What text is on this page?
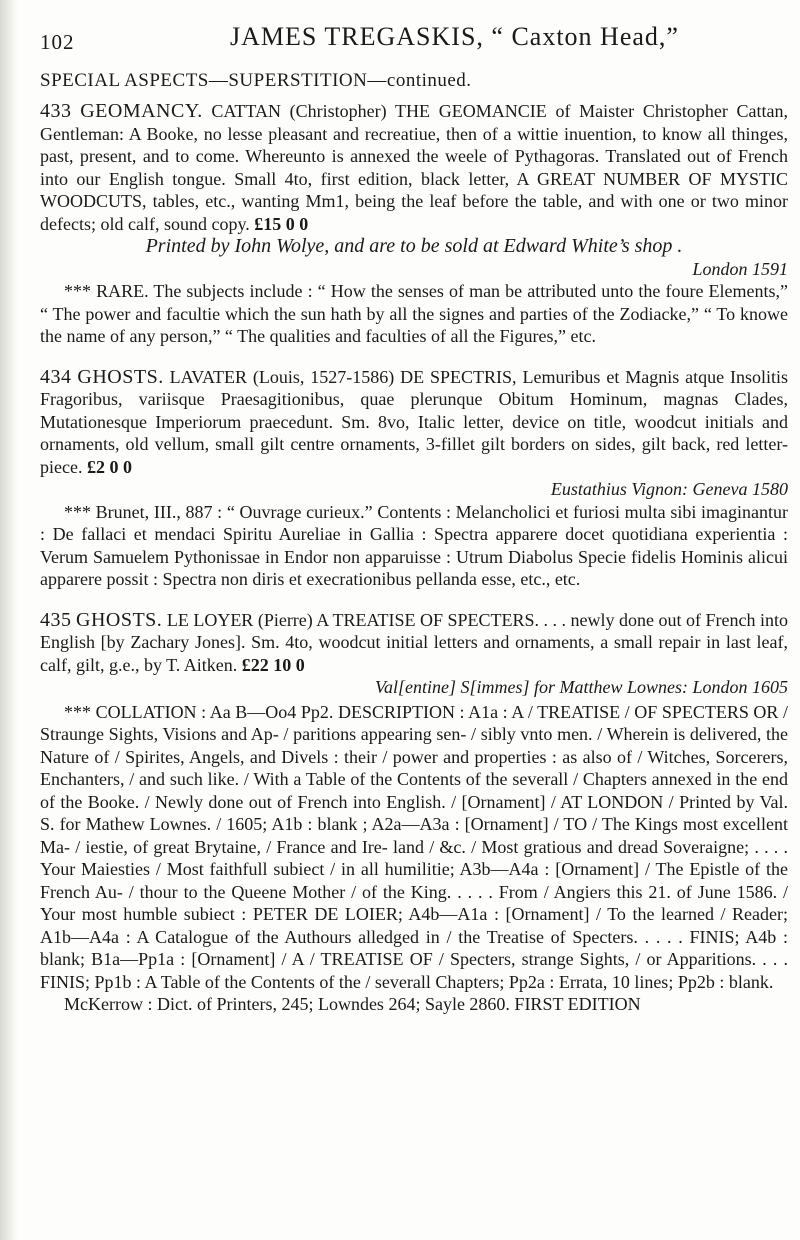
102	JAMES TREGASKIS, “ Caxton Head,”
SPECIAL ASPECTS—SUPERSTITION—continued.

433 GEOMANCY. CATTAN (Christopher) THE GEOMANCIE of Maister Christopher Cattan, Gentleman: A Booke, no lesse pleasant and recreatiue, then of a wittie inuention, to know all thinges, past, present, and to come. Whereunto is annexed the weele of Pythagoras. Translated out of French into our English tongue. Small 4to, first edition, black letter, A GREAT NUMBER OF MYSTIC WOODCUTS, tables, etc., wanting Mm1, being the leaf before the table, and with one or two minor defects; old calf, sound copy. £15 0 0

Printed by Iohn Wolye, and are to be sold at Edward White’s shop .

London 1591

*** RARE. The subjects include : “ How the senses of man be attributed unto the foure Elements,” “ The power and facultie which the sun hath by all the signes and parties of the Zodiacke,” “ To knowe the name of any person,” “ The qualities and faculties of all the Figures,” etc.

434 GHOSTS. LAVATER (Louis, 1527-1586) DE SPECTRIS, Lemuribus et Magnis atque Insolitis Fragoribus, variisque Praesagitionibus, quae plerunque Obitum Hominum, magnas Clades, Mutationesque Imperiorum praecedunt. Sm. 8vo, Italic letter, device on title, woodcut initials and ornaments, old vellum, small gilt centre ornaments, 3-fillet gilt borders on sides, gilt back, red letter-piece. £2 0 0

Eustathius Vignon: Geneva 1580

*** Brunet, III., 887 : “ Ouvrage curieux.” Contents : Melancholici et furiosi multa sibi imaginantur : De fallaci et mendaci Spiritu Aureliae in Gallia : Spectra apparere docet quotidiana experientia : Verum Samuelem Pythonissae in Endor non apparuisse : Utrum Diabolus Specie fidelis Hominis alicui apparere possit : Spectra non diris et execrationibus pellanda esse, etc., etc.

435 GHOSTS. LE LOYER (Pierre) A TREATISE OF SPECTERS. . . . newly done out of French into English [by Zachary Jones]. Sm. 4to, woodcut initial letters and ornaments, a small repair in last leaf, calf, gilt, g.e., by T. Aitken. £22 10 0

Val[entine] S[immes] for Matthew Lownes: London 1605

*** COLLATION : Aa B—Oo4 Pp2. DESCRIPTION : A1a : A / TREATISE / OF SPECTERS OR / Straunge Sights, Visions and Ap- / paritions appearing sen- / sibly vnto men. / Wherein is delivered, the Nature of / Spirites, Angels, and Divels : their / power and properties : as also of / Witches, Sorcerers, Enchanters, / and such like. / With a Table of the Contents of the severall / Chapters annexed in the end of the Booke. / Newly done out of French into English. / [Ornament] / AT LONDON / Printed by Val. S. for Mathew Lownes. / 1605; A1b : blank ; A2a—A3a : [Ornament] / TO / The Kings most excellent Ma- / iestie, of great Brytaine, / France and Ire- land / &c. / Most gratious and dread Soveraigne; . . . . Your Maiesties / Most faithfull subiect / in all humilitie; A3b—A4a : [Ornament] / The Epistle of the French Au- / thour to the Queene Mother / of the King. . . . . From / Angiers this 21. of June 1586. / Your most humble subiect : PETER DE LOIER; A4b—A1a : [Ornament] / To the learned / Reader; A1b—A4a : A Catalogue of the Authours alledged in / the Treatise of Specters. . . . . FINIS; A4b : blank; B1a—Pp1a : [Ornament] / A / TREATISE OF / Specters, strange Sights, / or Apparitions. . . . FINIS; Pp1b : A Table of the Contents of the / severall Chapters; Pp2a : Errata, 10 lines; Pp2b : blank.

McKerrow : Dict. of Printers, 245; Lowndes 264; Sayle 2860. FIRST EDITION
